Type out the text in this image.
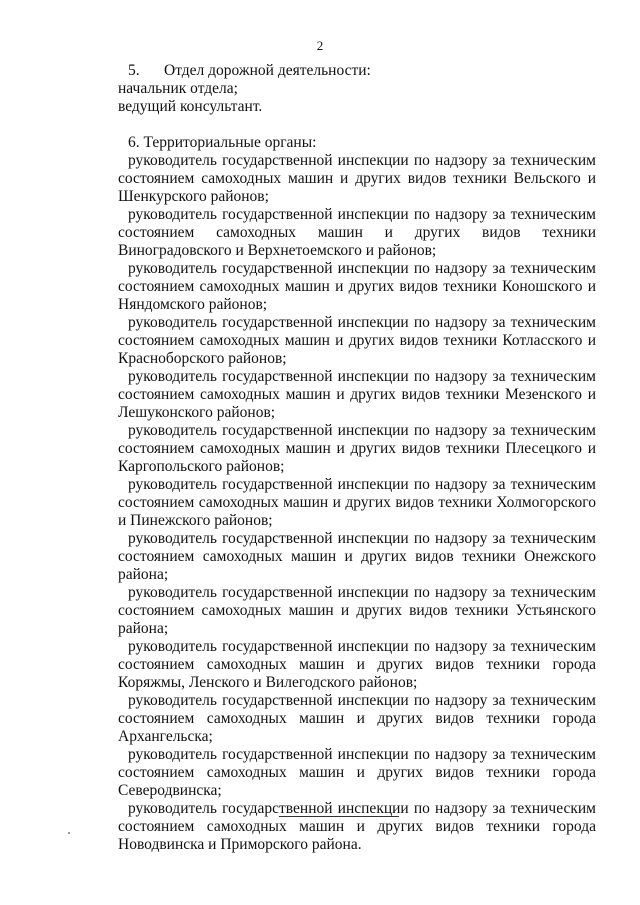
2

5. Отдел дорожной деятельности:

начальник отдела;

ведущий консультант.

6. Территориальные органы:

руководитель государственной инспекции по надзору за техническим состоянием самоходных машин и других видов техники Вельского и Шенкурского районов;

руководитель государственной инспекции по надзору за техническим состоянием самоходных машин и других видов техники Виноградовского и Верхнетоемского и районов;

руководитель государственной инспекции по надзору за техническим состоянием самоходных машин и других видов техники Коношского и Няндомского районов;

руководитель государственной инспекции по надзору за техническим состоянием самоходных машин и других видов техники Котласского и Красноборского районов;

руководитель государственной инспекции по надзору за техническим состоянием самоходных машин и других видов техники Мезенского и Лешуконского районов;

руководитель государственной инспекции по надзору за техническим состоянием самоходных машин и других видов техники Плесецкого и Каргопольского районов;

руководитель государственной инспекции по надзору за техническим состоянием самоходных машин и других видов техники Холмогорского и Пинежского районов;

руководитель государственной инспекции по надзору за техническим состоянием самоходных машин и других видов техники Онежского района;

руководитель государственной инспекции по надзору за техническим состоянием самоходных машин и других видов техники Устьянского района;

руководитель государственной инспекции по надзору за техническим состоянием самоходных машин и других видов техники города Коряжмы, Ленского и Вилегодского районов;

руководитель государственной инспекции по надзору за техническим состоянием самоходных машин и других видов техники города Архангельска;

руководитель государственной инспекции по надзору за техническим состоянием самоходных машин и других видов техники города Северодвинска;

руководитель государственной инспекции по надзору за техническим состоянием самоходных машин и других видов техники города Новодвинска и Приморского района.
